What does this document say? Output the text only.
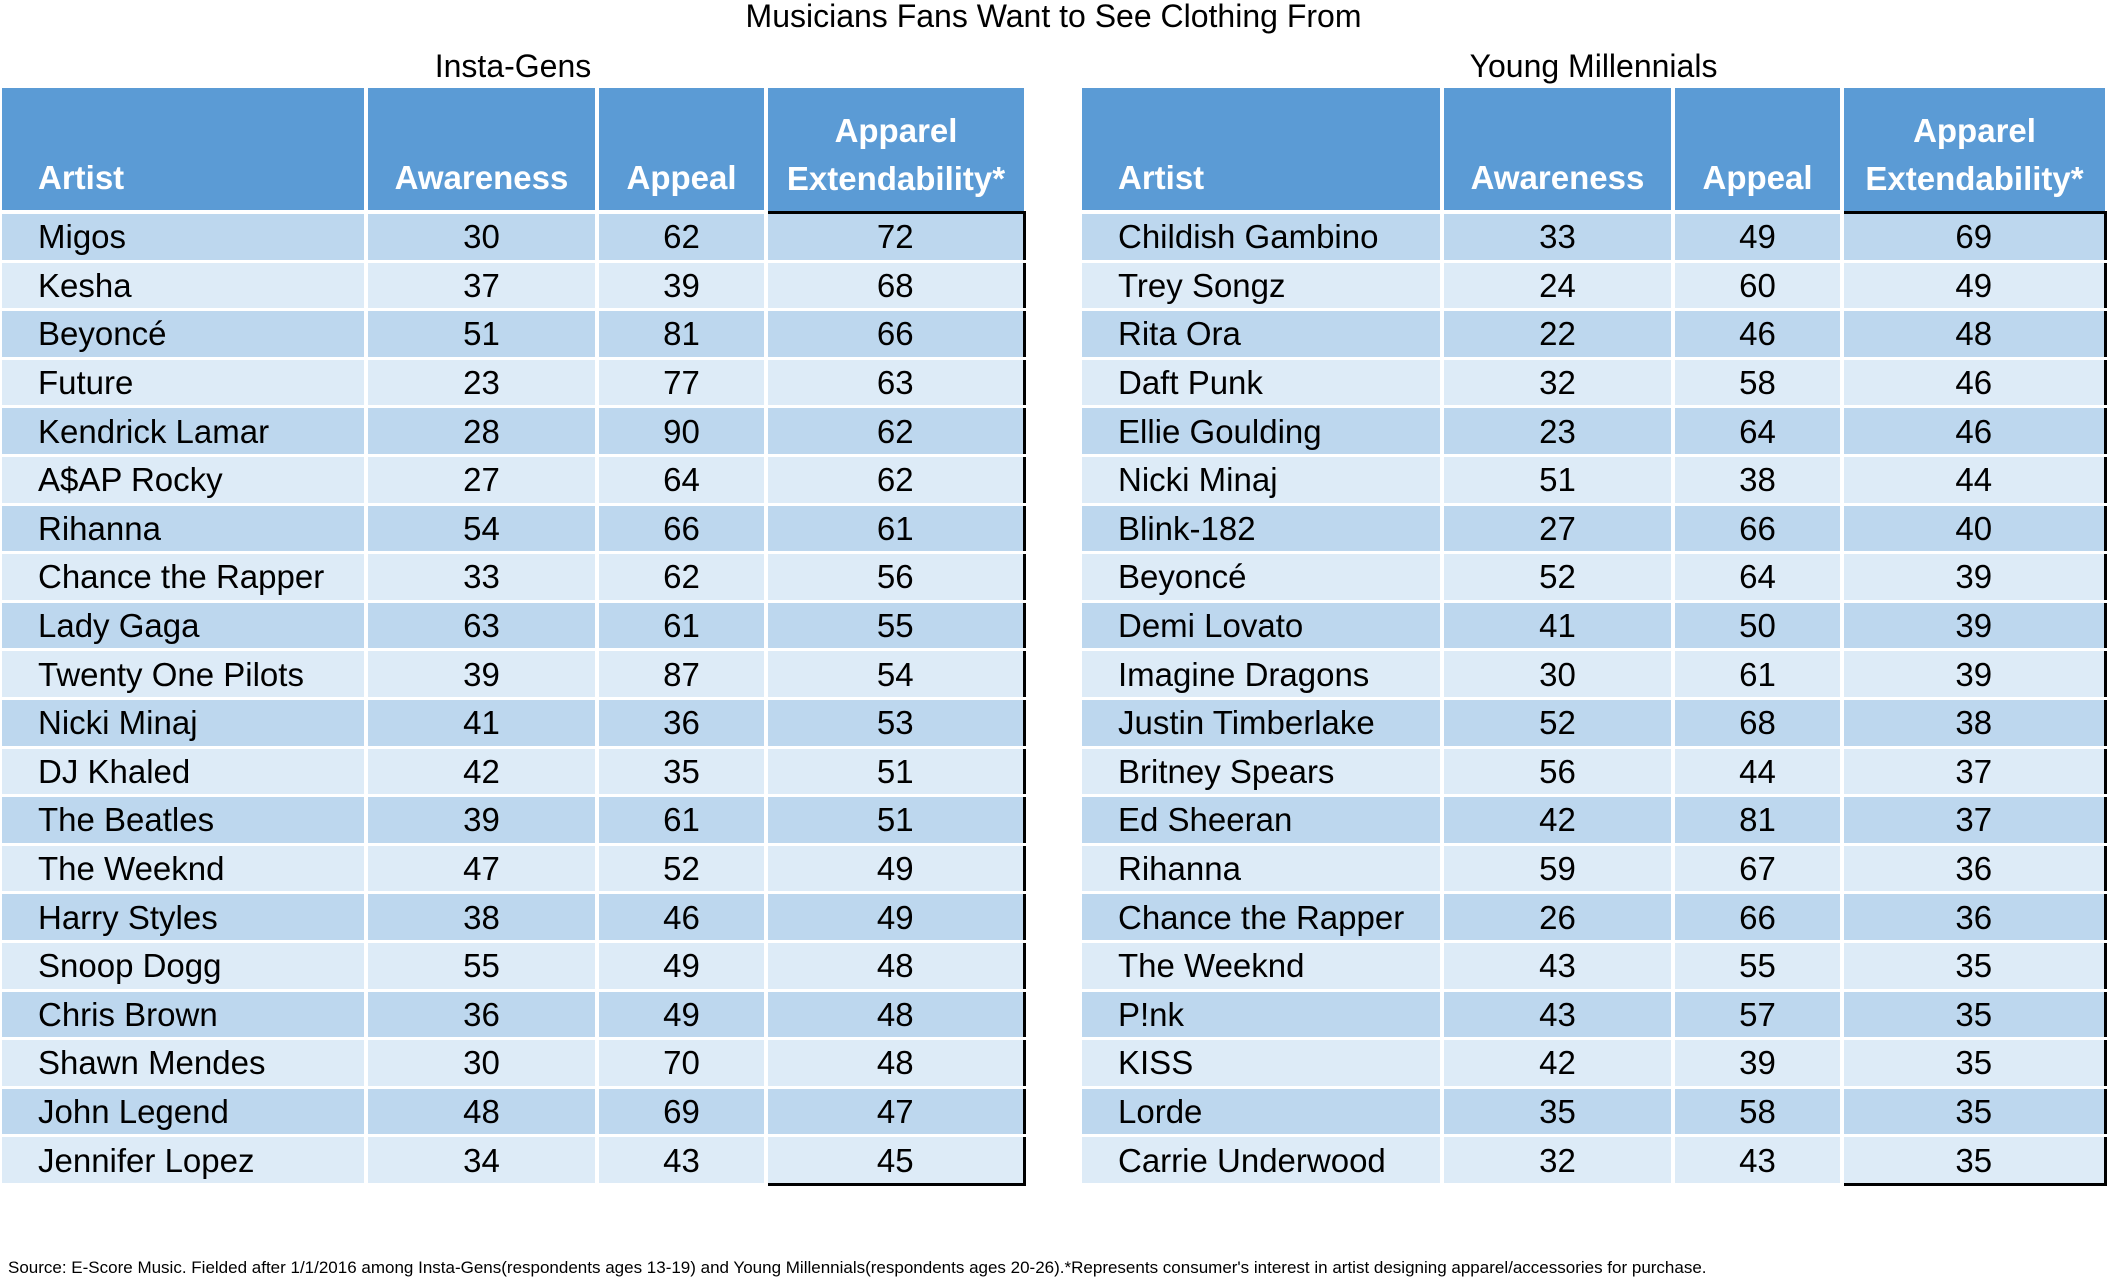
Musicians Fans Want to See Clothing From
Insta-Gens
Artist	Awareness	Appeal	Apparel
Extendability*
Migos	30	62	72
Kesha	37	39	68
Beyoncé	51	81	66
Future	23	77	63
Kendrick Lamar	28	90	62
A$AP Rocky	27	64	62
Rihanna	54	66	61
Chance the Rapper	33	62	56
Lady Gaga	63	61	55
Twenty One Pilots	39	87	54
Nicki Minaj	41	36	53
DJ Khaled	42	35	51
The Beatles	39	61	51
The Weeknd	47	52	49
Harry Styles	38	46	49
Snoop Dogg	55	49	48
Chris Brown	36	49	48
Shawn Mendes	30	70	48
John Legend	48	69	47
Jennifer Lopez	34	43	45
Young Millennials
Artist	Awareness	Appeal	Apparel
Extendability*
Childish Gambino	33	49	69
Trey Songz	24	60	49
Rita Ora	22	46	48
Daft Punk	32	58	46
Ellie Goulding	23	64	46
Nicki Minaj	51	38	44
Blink-182	27	66	40
Beyoncé	52	64	39
Demi Lovato	41	50	39
Imagine Dragons	30	61	39
Justin Timberlake	52	68	38
Britney Spears	56	44	37
Ed Sheeran	42	81	37
Rihanna	59	67	36
Chance the Rapper	26	66	36
The Weeknd	43	55	35
P!nk	43	57	35
KISS	42	39	35
Lorde	35	58	35
Carrie Underwood	32	43	35
Source: E-Score Music. Fielded after 1/1/2016 among Insta-Gens(respondents ages 13-19) and Young Millennials(respondents ages 20-26).*Represents consumer's interest in artist designing apparel/accessories for purchase.
